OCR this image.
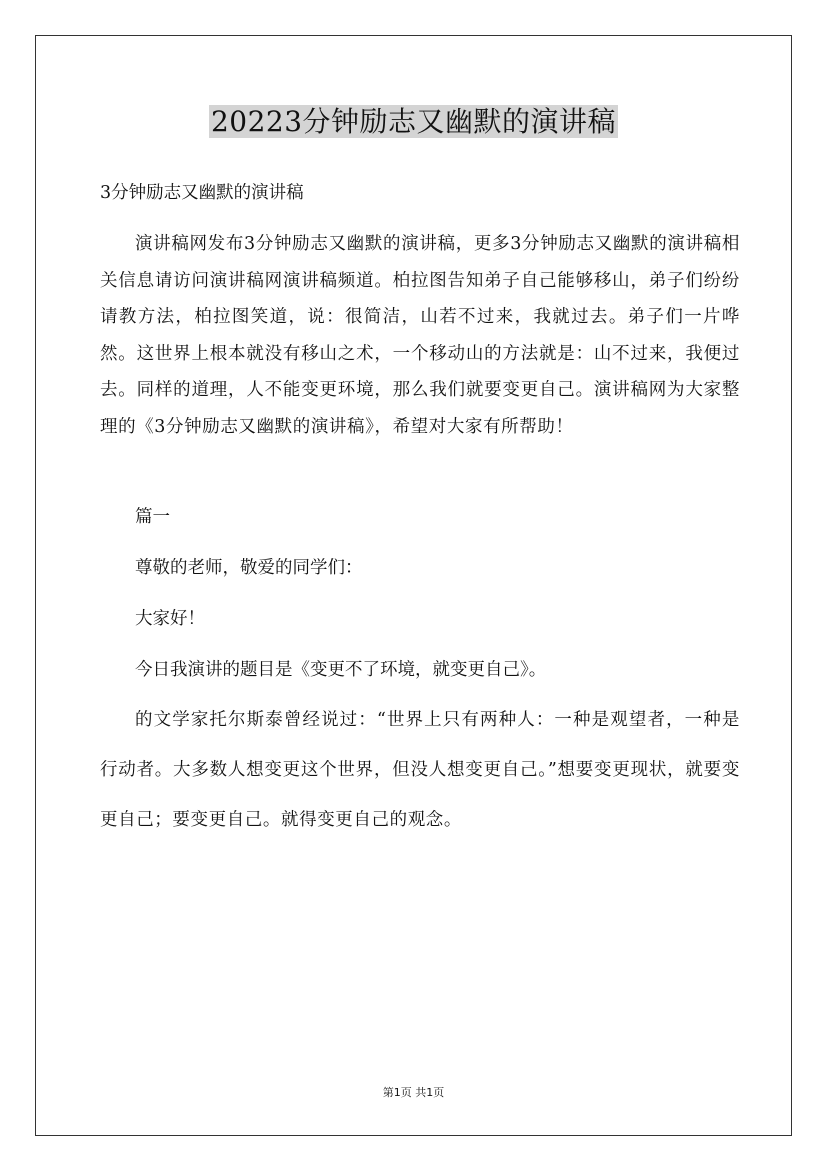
20223分钟励志又幽默的演讲稿

3分钟励志又幽默的演讲稿

演讲稿网发布3分钟励志又幽默的演讲稿，更多3分钟励志又幽默的演讲稿相关信息请访问演讲稿网演讲稿频道。柏拉图告知弟子自己能够移山，弟子们纷纷请教方法，柏拉图笑道，说：很简洁，山若不过来，我就过去。弟子们一片哗然。这世界上根本就没有移山之术，一个移动山的方法就是：山不过来，我便过去。同样的道理，人不能变更环境，那么我们就要变更自己。演讲稿网为大家整理的《3分钟励志又幽默的演讲稿》，希望对大家有所帮助！

篇一

尊敬的老师，敬爱的同学们：

大家好！

今日我演讲的题目是《变更不了环境，就变更自己》。

的文学家托尔斯泰曾经说过：“世界上只有两种人：一种是观望者，一种是行动者。大多数人想变更这个世界，但没人想变更自己。”想要变更现状，就要变更自己；要变更自己。就得变更自己的观念。

第1页 共1页
